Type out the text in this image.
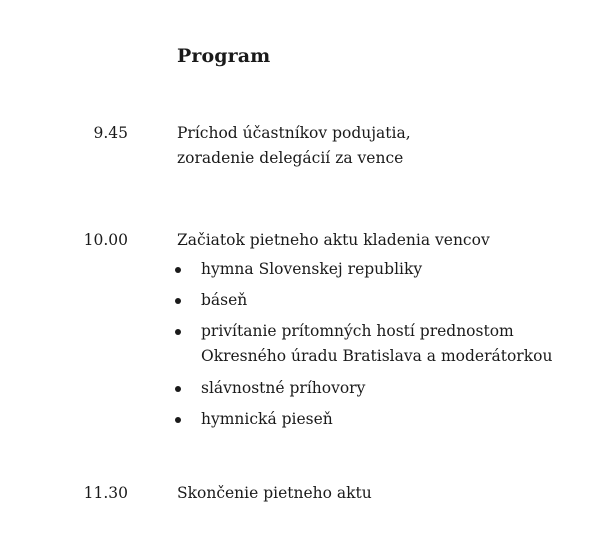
Program
9.45	Príchod účastníkov podujatia,
zoradenie delegácií za vence
10.00	Začiatok pietneho aktu kladenia vencov
hymna Slovenskej republiky
báseň
privítanie prítomných hostí prednostom
Okresného úradu Bratislava a moderátorkou
slávnostné príhovory
hymnická pieseň
11.30	Skončenie pietneho aktu
